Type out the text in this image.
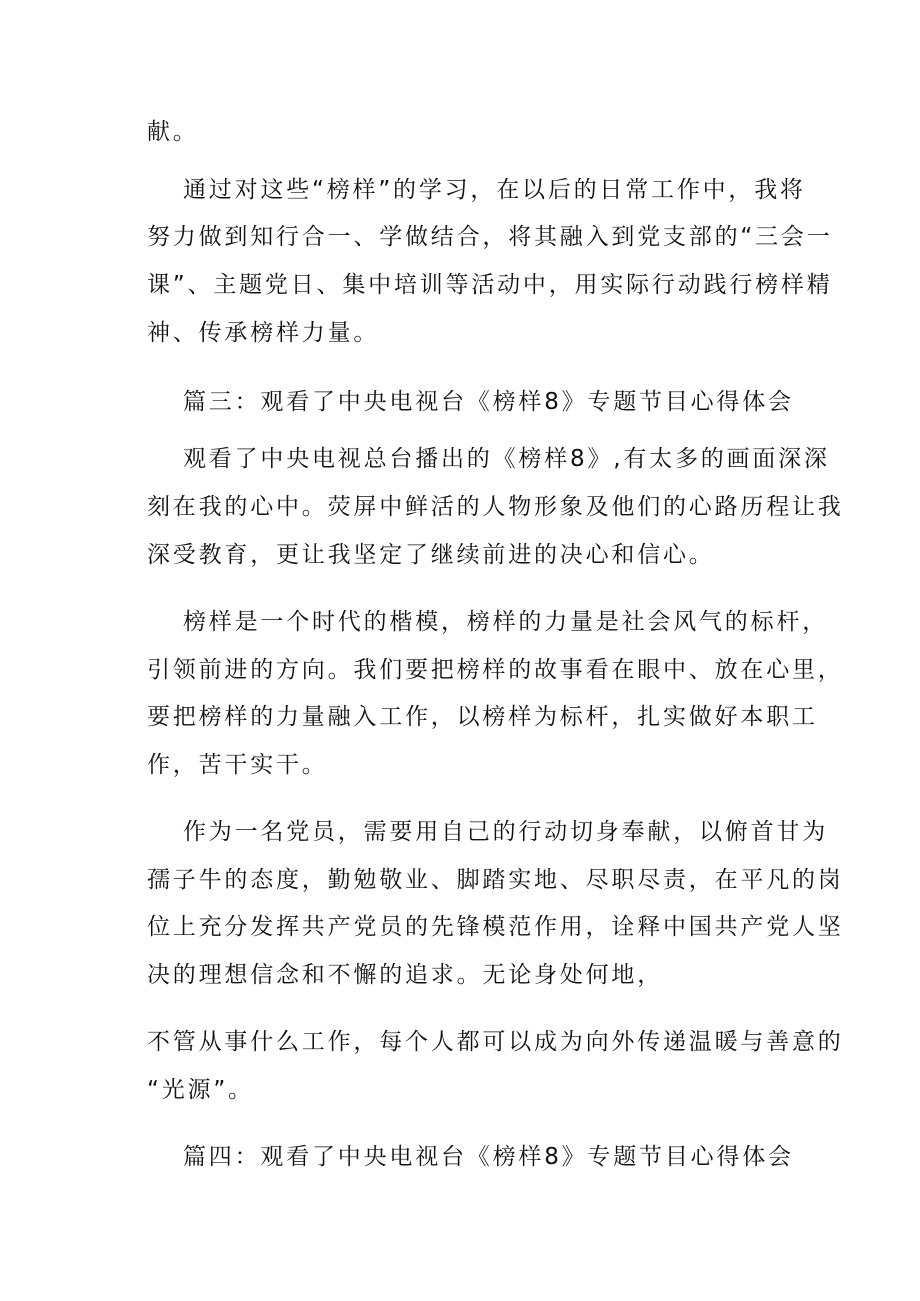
献。

通过对这些“榜样”的学习，在以后的日常工作中，我将

努力做到知行合一、学做结合，将其融入到党支部的“三会一

课”、主题党日、集中培训等活动中，用实际行动践行榜样精

神、传承榜样力量。

篇三：观看了中央电视台《榜样8》专题节目心得体会

观看了中央电视总台播出的《榜样8》,有太多的画面深深

刻在我的心中。荧屏中鲜活的人物形象及他们的心路历程让我

深受教育，更让我坚定了继续前进的决心和信心。

榜样是一个时代的楷模，榜样的力量是社会风气的标杆，

引领前进的方向。我们要把榜样的故事看在眼中、放在心里，

要把榜样的力量融入工作，以榜样为标杆，扎实做好本职工

作，苦干实干。

作为一名党员，需要用自己的行动切身奉献，以俯首甘为

孺子牛的态度，勤勉敬业、脚踏实地、尽职尽责，在平凡的岗

位上充分发挥共产党员的先锋模范作用，诠释中国共产党人坚

决的理想信念和不懈的追求。无论身处何地，

不管从事什么工作，每个人都可以成为向外传递温暖与善意的

“光源”。

篇四：观看了中央电视台《榜样8》专题节目心得体会
